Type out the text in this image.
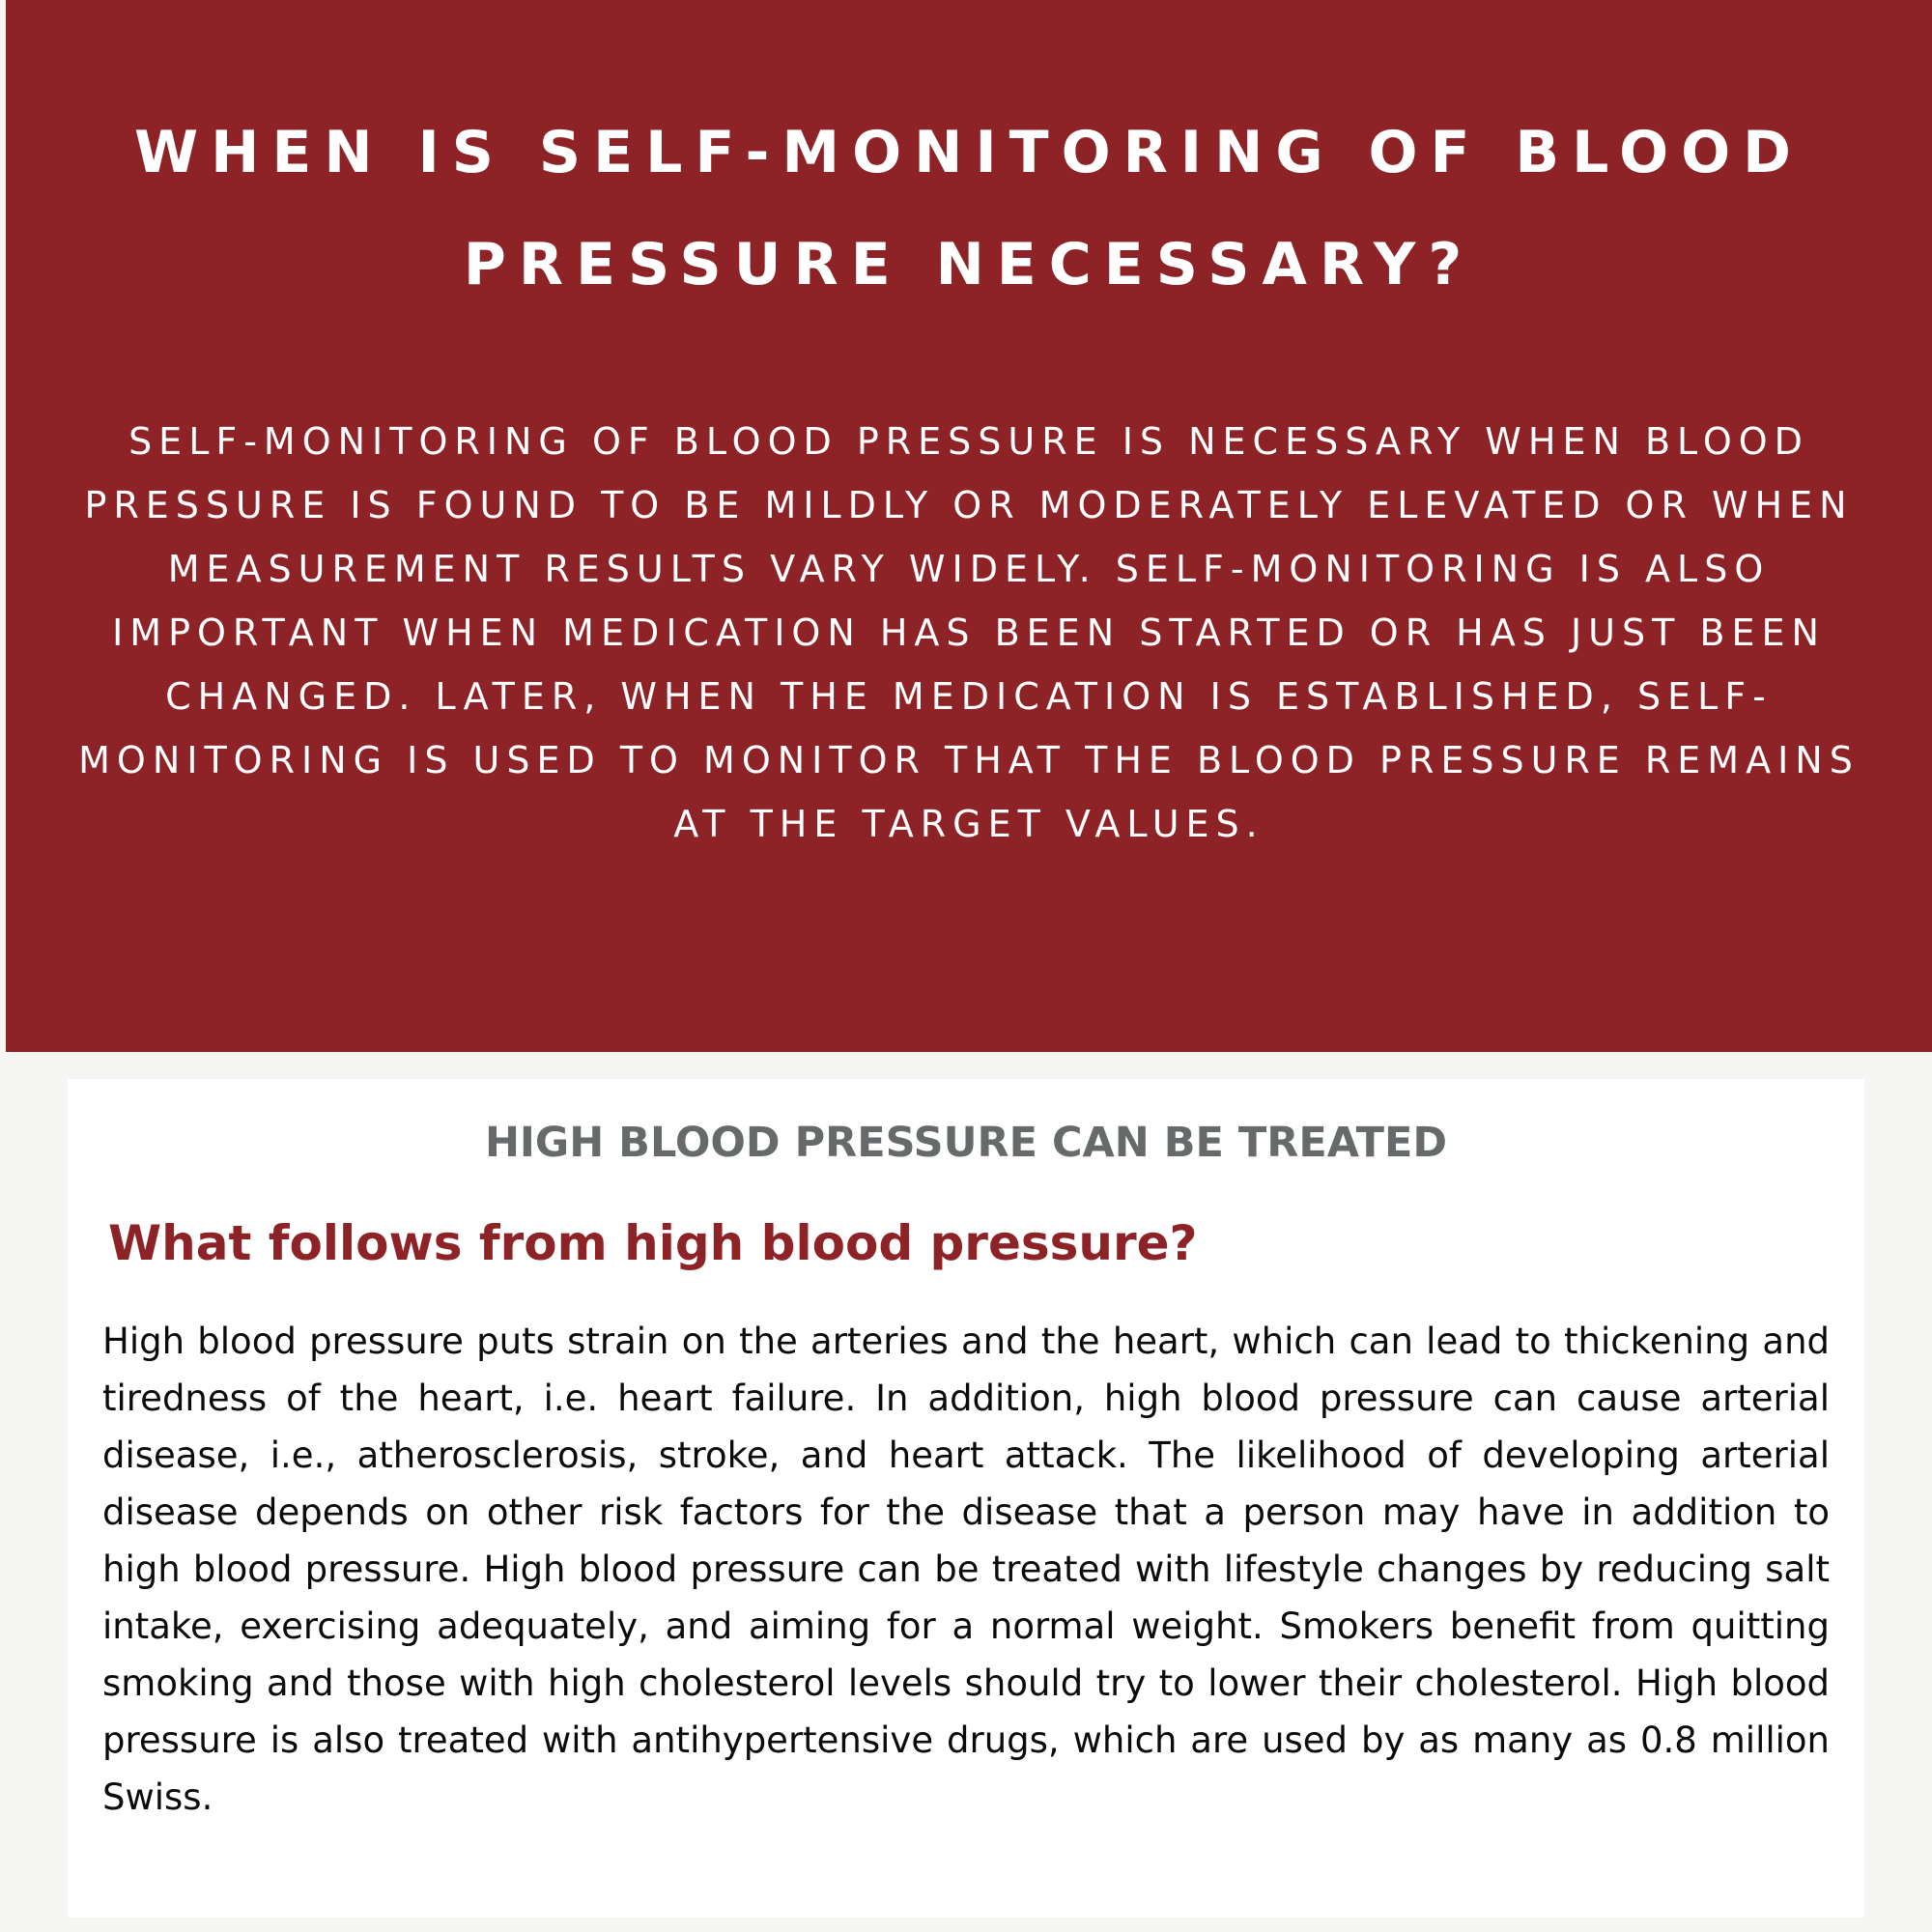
WHEN IS SELF-MONITORING OF BLOOD PRESSURE NECESSARY?

SELF-MONITORING OF BLOOD PRESSURE IS NECESSARY WHEN BLOOD PRESSURE IS FOUND TO BE MILDLY OR MODERATELY ELEVATED OR WHEN MEASUREMENT RESULTS VARY WIDELY. SELF-MONITORING IS ALSO IMPORTANT WHEN MEDICATION HAS BEEN STARTED OR HAS JUST BEEN CHANGED. LATER, WHEN THE MEDICATION IS ESTABLISHED, SELF-MONITORING IS USED TO MONITOR THAT THE BLOOD PRESSURE REMAINS AT THE TARGET VALUES.

HIGH BLOOD PRESSURE CAN BE TREATED
What follows from high blood pressure?

High blood pressure puts strain on the arteries and the heart, which can lead to thickening and tiredness of the heart, i.e. heart failure. In addition, high blood pressure can cause arterial disease, i.e., atherosclerosis, stroke, and heart attack. The likelihood of developing arterial disease depends on other risk factors for the disease that a person may have in addition to high blood pressure. High blood pressure can be treated with lifestyle changes by reducing salt intake, exercising adequately, and aiming for a normal weight. Smokers benefit from quitting smoking and those with high cholesterol levels should try to lower their cholesterol. High blood pressure is also treated with antihypertensive drugs, which are used by as many as 0.8 million Swiss.
